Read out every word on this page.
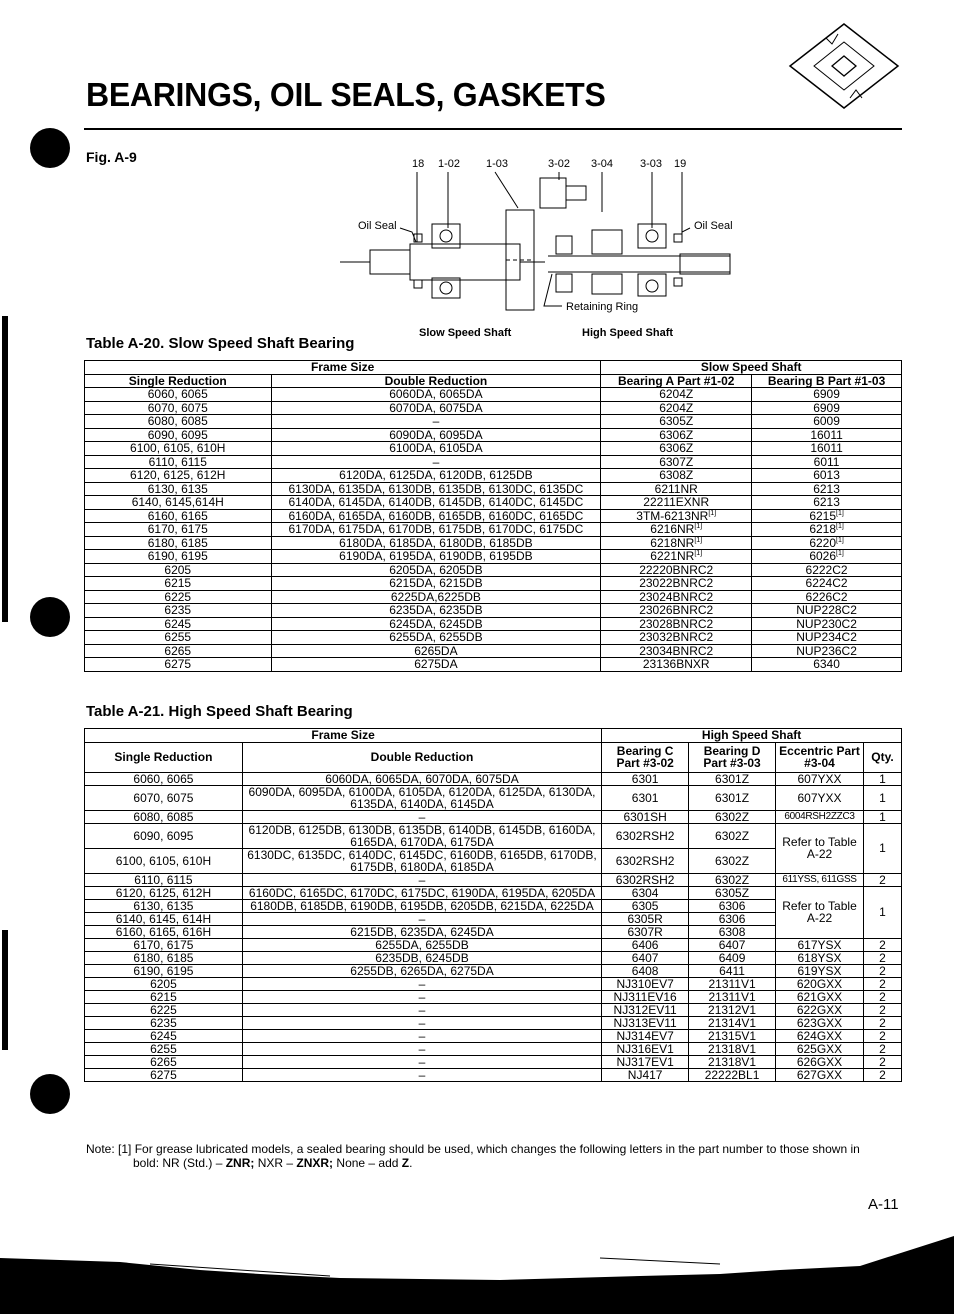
BEARINGS, OIL SEALS, GASKETS
Fig. A-9	18 1-02 1-03	3-02 3-04 3-03 19
Oil Seal	Oil Seal
Retaining Ring
Slow Speed Shaft	High Speed Shaft
Table A-20. Slow Speed Shaft Bearing
Frame Size		Slow Speed Shaft	
Single Reduction	Double Reduction	Bearing A Part #1-02	Bearing B Part #1-03
6060, 6065	6060DA, 6065DA	6204Z	6909
6070, 6075	6070DA, 6075DA	6204Z	6909
6080, 6085	–	6305Z	6009
6090, 6095	6090DA, 6095DA	6306Z	16011
6100, 6105, 610H	6100DA, 6105DA	6306Z	16011
6110, 6115	–	6307Z	6011
6120, 6125, 612H	6120DA, 6125DA, 6120DB, 6125DB	6308Z	6013
6130, 6135	6130DA, 6135DA, 6130DB, 6135DB, 6130DC, 6135DC	6211NR	6213
6140, 6145,614H	6140DA, 6145DA, 6140DB, 6145DB, 6140DC, 6145DC	22211EXNR	6213
6160, 6165	6160DA, 6165DA, 6160DB, 6165DB, 6160DC, 6165DC	3TM-6213NR[1]	6215[1]
6170, 6175	6170DA, 6175DA, 6170DB, 6175DB, 6170DC, 6175DC	6216NR[1]	6218[1]
6180, 6185	6180DA, 6185DA, 6180DB, 6185DB	6218NR[1]	6220[1]
6190, 6195	6190DA, 6195DA, 6190DB, 6195DB	6221NR[1]	6026[1]
6205	6205DA, 6205DB	22220BNRC2	6222C2
6215	6215DA, 6215DB	23022BNRC2	6224C2
6225	6225DA,6225DB	23024BNRC2	6226C2
6235	6235DA, 6235DB	23026BNRC2	NUP228C2
6245	6245DA, 6245DB	23028BNRC2	NUP230C2
6255	6255DA, 6255DB	23032BNRC2	NUP234C2
6265	6265DA	23034BNRC2	NUP236C2
6275	6275DA	23136BNXR	6340
Table A-21. High Speed Shaft Bearing
Frame Size		High Speed Shaft			
Single Reduction	Double Reduction	Bearing C Part #3-02	Bearing D Part #3-03	Eccentric Part #3-04	Qty.
6060, 6065	6060DA, 6065DA, 6070DA, 6075DA	6301	6301Z	607YXX	1
6070, 6075	6090DA, 6095DA, 6100DA, 6105DA, 6120DA, 6125DA, 6130DA, 6135DA, 6140DA, 6145DA	6301	6301Z	607YXX	1
6080, 6085	–	6301SH	6302Z	6004RSH2ZZC3	1
6090, 6095	6120DB, 6125DB, 6130DB, 6135DB, 6140DB, 6145DB, 6160DA, 6165DA, 6170DA, 6175DA	6302RSH2	6302Z	Refer to Table A-22	1
6100, 6105, 610H	6130DC, 6135DC, 6140DC, 6145DC, 6160DB, 6165DB, 6170DB, 6175DB, 6180DA, 6185DA	6302RSH2	6302Z		
6110, 6115	–	6302RSH2	6302Z	611YSS, 611GSS	2
6120, 6125, 612H	6160DC, 6165DC, 6170DC, 6175DC, 6190DA, 6195DA, 6205DA	6304	6305Z	Refer to Table A-22	1
6130, 6135	6180DB, 6185DB, 6190DB, 6195DB, 6205DB, 6215DA, 6225DA	6305	6306		
6140, 6145, 614H	–	6305R	6306		
6160, 6165, 616H	6215DB, 6235DA, 6245DA	6307R	6308		
6170, 6175	6255DA, 6255DB	6406	6407	617YSX	2
6180, 6185	6235DB, 6245DB	6407	6409	618YSX	2
6190, 6195	6255DB, 6265DA, 6275DA	6408	6411	619YSX	2
6205	–	NJ310EV7	21311V1	620GXX	2
6215	–	NJ311EV16	21311V1	621GXX	2
6225	–	NJ312EV11	21312V1	622GXX	2
6235	–	NJ313EV11	21314V1	623GXX	2
6245	–	NJ314EV7	21315V1	624GXX	2
6255	–	NJ316EV1	21318V1	625GXX	2
6265	–	NJ317EV1	21318V1	626GXX	2
6275	–	NJ417	22222BL1	627GXX	2
Note: [1] For grease lubricated models, a sealed bearing should be used, which changes the following letters in the part number to those shown in
bold: NR (Std.) – ZNR; NXR – ZNXR; None – add Z.
A-11
